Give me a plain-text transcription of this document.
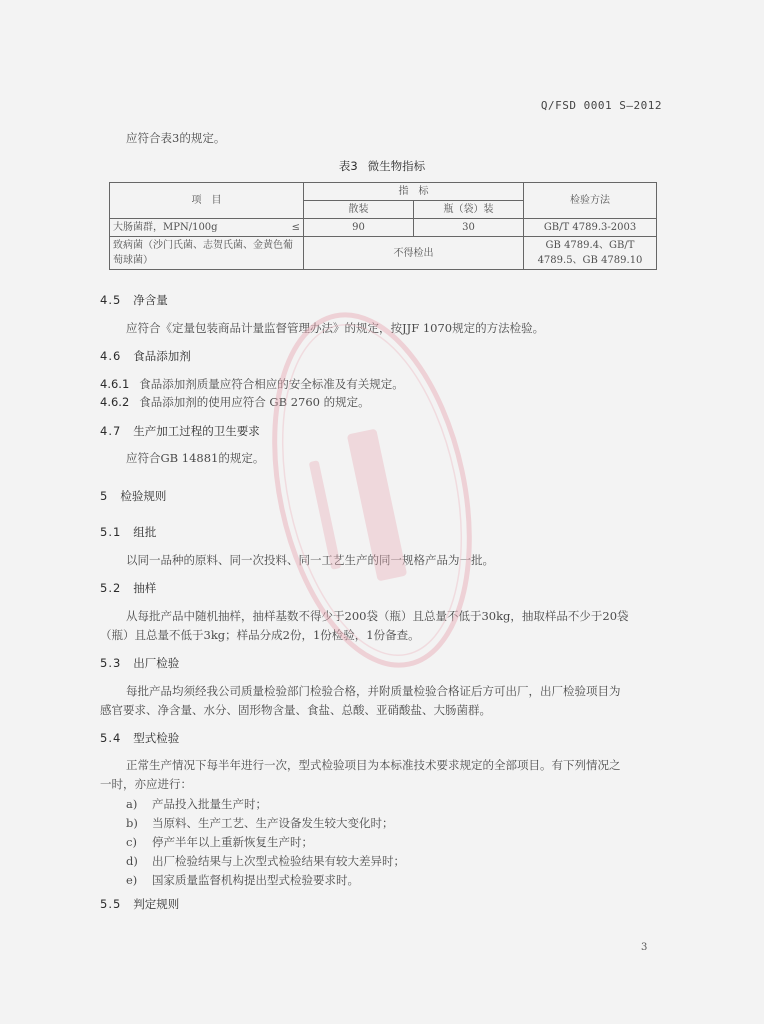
Q/FSD 0001 S—2012
应符合表3的规定。
表3 微生物指标
项　目	指　标		检验方法
	散装	瓶（袋）装	
大肠菌群，MPN/100g ≤	90	30	GB/T 4789.3-2003
致病菌（沙门氏菌、志贺氏菌、金黄色葡萄球菌）	不得检出		GB 4789.4、GB/T 4789.5、GB 4789.10
4.5 净含量
应符合《定量包装商品计量监督管理办法》的规定，按JJF 1070规定的方法检验。
4.6 食品添加剂
4.6.1 食品添加剂质量应符合相应的安全标准及有关规定。
4.6.2 食品添加剂的使用应符合 GB 2760 的规定。
4.7 生产加工过程的卫生要求
应符合GB 14881的规定。
5 检验规则
5.1 组批
以同一品种的原料、同一次投料、同一工艺生产的同一规格产品为一批。
5.2 抽样
从每批产品中随机抽样，抽样基数不得少于200袋（瓶）且总量不低于30kg，抽取样品不少于20袋
（瓶）且总量不低于3kg；样品分成2份，1份检验，1份备查。
5.3 出厂检验
每批产品均须经我公司质量检验部门检验合格，并附质量检验合格证后方可出厂，出厂检验项目为
感官要求、净含量、水分、固形物含量、食盐、总酸、亚硝酸盐、大肠菌群。
5.4 型式检验
正常生产情况下每半年进行一次，型式检验项目为本标准技术要求规定的全部项目。有下列情况之
一时，亦应进行：
a) 产品投入批量生产时；
b) 当原料、生产工艺、生产设备发生较大变化时；
c) 停产半年以上重新恢复生产时；
d) 出厂检验结果与上次型式检验结果有较大差异时；
e) 国家质量监督机构提出型式检验要求时。
5.5 判定规则
3
